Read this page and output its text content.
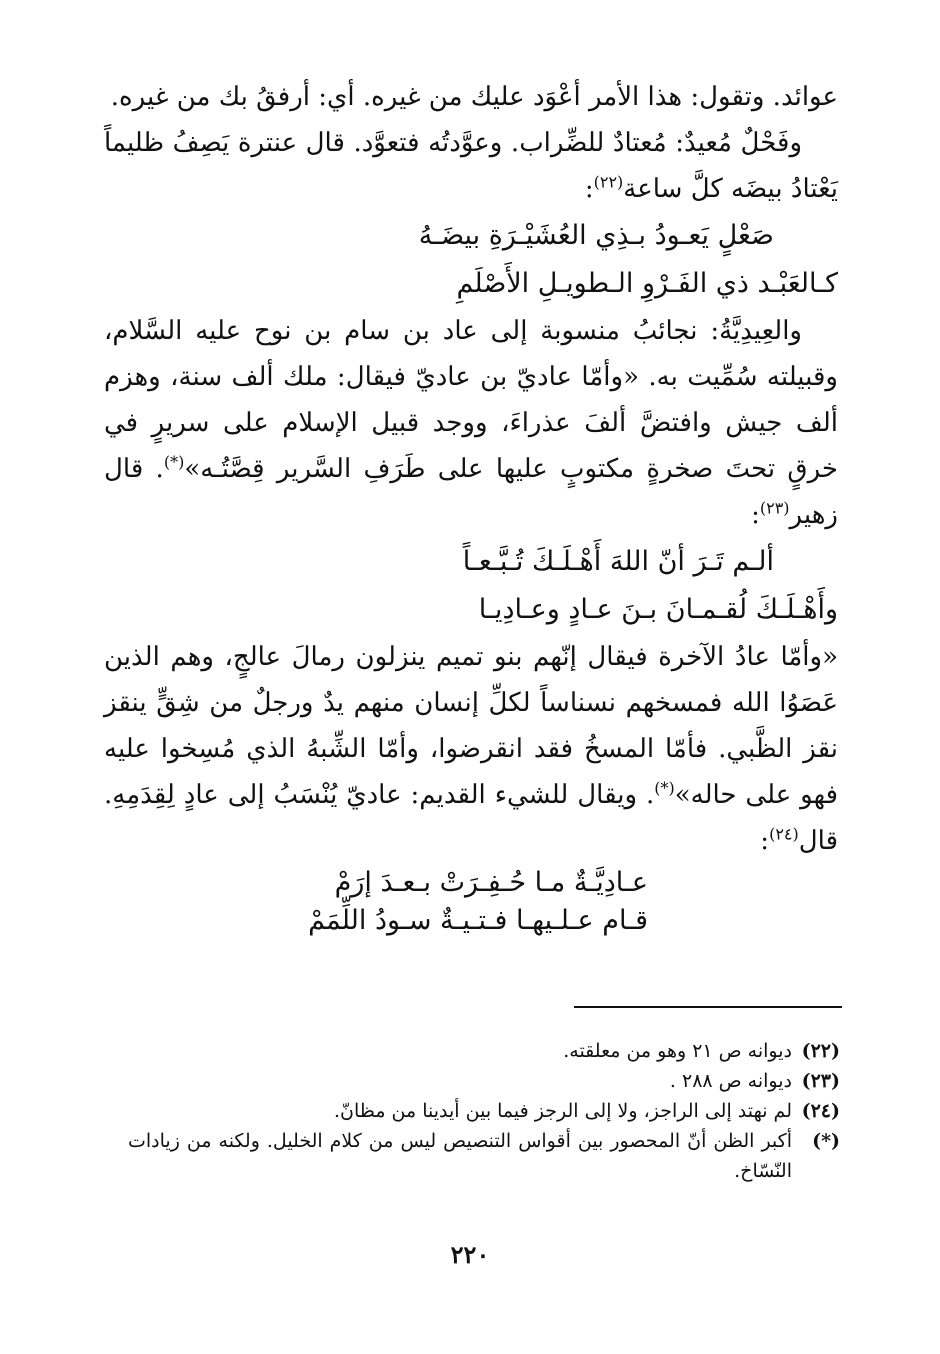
عوائد. وتقول: هذا الأمر أعْوَد عليك من غيره. أي: أرفقُ بك من غيره.

وفَحْلٌ مُعيدٌ: مُعتادٌ للضِّراب. وعوَّدتُه فتعوَّد. قال عنترة يَصِفُ ظليماً يَعْتادُ بيضَه كلَّ ساعة$^{(٢٢)}$:

صَعْلٍ يَعـودُ بـذِي العُشَيْـرَةِ بيضَـهُ

كـالعَبْـد ذي الفَـرْوِ الـطويـلِ الأَصْلَمِ

والعِيدِيَّةُ: نجائبُ منسوبة إلى عاد بن سام بن نوح عليه السَّلام، وقبيلته سُمِّيت به. «وأمّا عاديّ بن عاديّ فيقال: ملك ألف سنة، وهزم ألف جيش وافتضَّ ألفَ عذراءَ، ووجد قبيل الإسلام على سريرٍ في خرقٍ تحتَ صخرةٍ مكتوبٍ عليها على طَرَفِ السَّرير قِصَّتُـه»(*). قال زهير$^{(٢٣)}$:

ألـم تَـرَ أنّ اللهَ أَهْـلَـكَ تُـبَّـعـاً

وأَهْـلَـكَ لُقـمـانَ بـنَ عـادٍ وعـادِيـا

«وأمّا عادُ الآخرة فيقال إنّهم بنو تميم ينزلون رمالَ عالجٍ، وهم الذين عَصَوُا الله فمسخهم نسناساً لكلِّ إنسان منهم يدٌ ورجلٌ من شِقٍّ ينقز نقز الظَّبي. فأمّا المسخُ فقد انقرضوا، وأمّا الشِّبهُ الذي مُسِخوا عليه فهو على حاله»(*). ويقال للشيء القديم: عاديّ يُنْسَبُ إلى عادٍ لِقِدَمِهِ. قال$^{(٢٤)}$:

عـادِيَّـةٌ مـا حُـفِـرَتْ بـعـدَ إرَمْ

قـام عـلـيهـا فـتـيـةٌ سـودُ اللِّمَمْ

(٢٢)
ديوانه ص ٢١ وهو من معلقته.
(٢٣)
ديوانه ص ٢٨٨ .
(٢٤)
لم نهتد إلى الراجز، ولا إلى الرجز فيما بين أيدينا من مظانّ.
(*)
أكبر الظن أنّ المحصور بين أقواس التنصيص ليس من كلام الخليل. ولكنه من زيادات النّسّاخ.
٢٢٠
